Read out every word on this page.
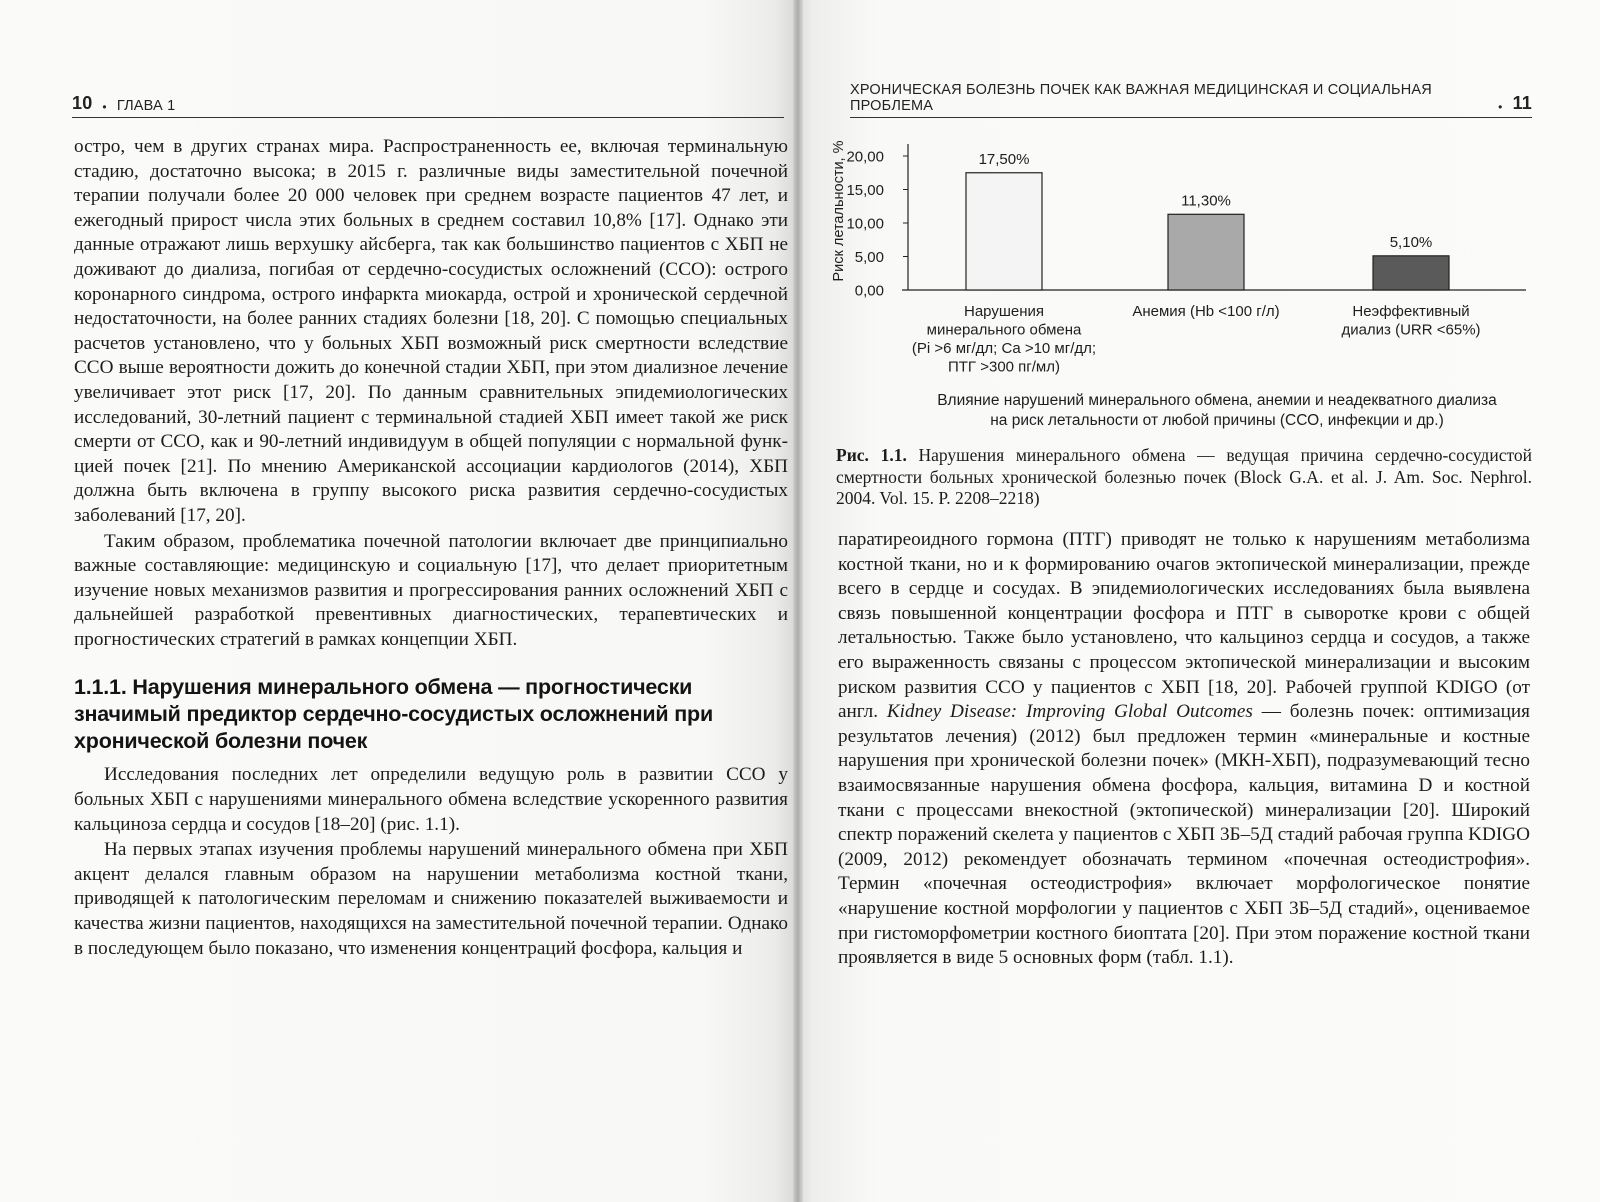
10 • ГЛАВА 1

остро, чем в других странах мира. Распространенность ее, включая терминальную стадию, достаточно высока; в 2015 г. различные виды заместительной почечной терапии получали более 20 000 человек при среднем возрасте пациентов 47 лет, и ежегодный прирост числа этих больных в среднем составил 10,8% [17]. Однако эти данные отражают лишь верхушку айсберга, так как большинство пациентов с ХБП не доживают до диализа, погибая от сердечно-сосудистых осложнений (ССО): острого коронарного синдрома, острого инфаркта миокарда, острой и хронической сердечной недостаточности, на более ранних стадиях болезни [18, 20]. С помощью специальных расчетов установлено, что у больных ХБП возможный риск смертности вследствие ССО выше вероятности дожить до конечной стадии ХБП, при этом диализное лечение увеличивает этот риск [17, 20]. По данным сравнительных эпидемиологических исследований, 30-летний пациент с терминальной стадией ХБП имеет такой же риск смерти от ССО, как и 90-летний индивидуум в общей популяции с нормальной функцией почек [21]. По мнению Американской ассоциации кардиологов (2014), ХБП должна быть включена в группу высокого риска развития сердечно-сосудистых заболеваний [17, 20].

Таким образом, проблематика почечной патологии включает две принципиально важные составляющие: медицинскую и социальную [17], что делает приоритетным изучение новых механизмов развития и прогрессирования ранних осложнений ХБП с дальнейшей разработкой превентивных диагностических, терапевтических и прогностических стратегий в рамках концепции ХБП.

1.1.1. Нарушения минерального обмена — прогностически значимый предиктор сердечно-сосудистых осложнений при хронической болезни почек

Исследования последних лет определили ведущую роль в развитии ССО у больных ХБП с нарушениями минерального обмена вследствие ускоренного развития кальциноза сердца и сосудов [18–20] (рис. 1.1).

На первых этапах изучения проблемы нарушений минерального обмена при ХБП акцент делался главным образом на нарушении метаболизма костной ткани, приводящей к патологическим переломам и снижению показателей выживаемости и качества жизни пациентов, находящихся на заместительной почечной терапии. Однако в последующем было показано, что изменения концентраций фосфора, кальция и

ХРОНИЧЕСКАЯ БОЛЕЗНЬ ПОЧЕК КАК ВАЖНАЯ МЕДИЦИНСКАЯ И СОЦИАЛЬНАЯ ПРОБЛЕМА	• 11
0,00
5,00
10,00
15,00
20,00
Риск летальности, %	17,50%
11,30%
5,10%
Нарушения минерального обмена (Pi >6 мг/дл; Ca >10 мг/дл; ПТГ >300 пг/мл)
Анемия (Hb <100 г/л)	Неэффективный диализ (URR <65%)
Влияние нарушений минерального обмена, анемии и неадекватного диализа
на риск летальности от любой причины (ССО, инфекции и др.)
Рис. 1.1. Нарушения минерального обмена — ведущая причина сердечно-сосудистой смертности больных хронической болезнью почек (Block G.A. et al. J. Am. Soc. Nephrol. 2004. Vol. 15. P. 2208–2218)

паратиреоидного гормона (ПТГ) приводят не только к нарушениям метаболизма костной ткани, но и к формированию очагов эктопической минерализации, прежде всего в сердце и сосудах. В эпидемиологических исследованиях была выявлена связь повышенной концентрации фосфора и ПТГ в сыворотке крови с общей летальностью. Также было установлено, что кальциноз сердца и сосудов, а также его выраженность связаны с процессом эктопической минерализации и высоким риском развития ССО у пациентов с ХБП [18, 20]. Рабочей группой KDIGO (от англ. Kidney Disease: Improving Global Outcomes — болезнь почек: оптимизация результатов лечения) (2012) был предложен термин «минеральные и костные нарушения при хронической болезни почек» (МКН-ХБП), подразумевающий тесно взаимосвязанные нарушения обмена фосфора, кальция, витамина D и костной ткани с процессами внекостной (эктопической) минерализации [20]. Широкий спектр поражений скелета у пациентов с ХБП 3Б–5Д стадий рабочая группа KDIGO (2009, 2012) рекомендует обозначать термином «почечная остеодистрофия». Термин «почечная остеодистрофия» включает морфологическое понятие «нарушение костной морфологии у пациентов с ХБП 3Б–5Д стадий», оцениваемое при гистоморфометрии костного биоптата [20]. При этом поражение костной ткани проявляется в виде 5 основных форм (табл. 1.1).
